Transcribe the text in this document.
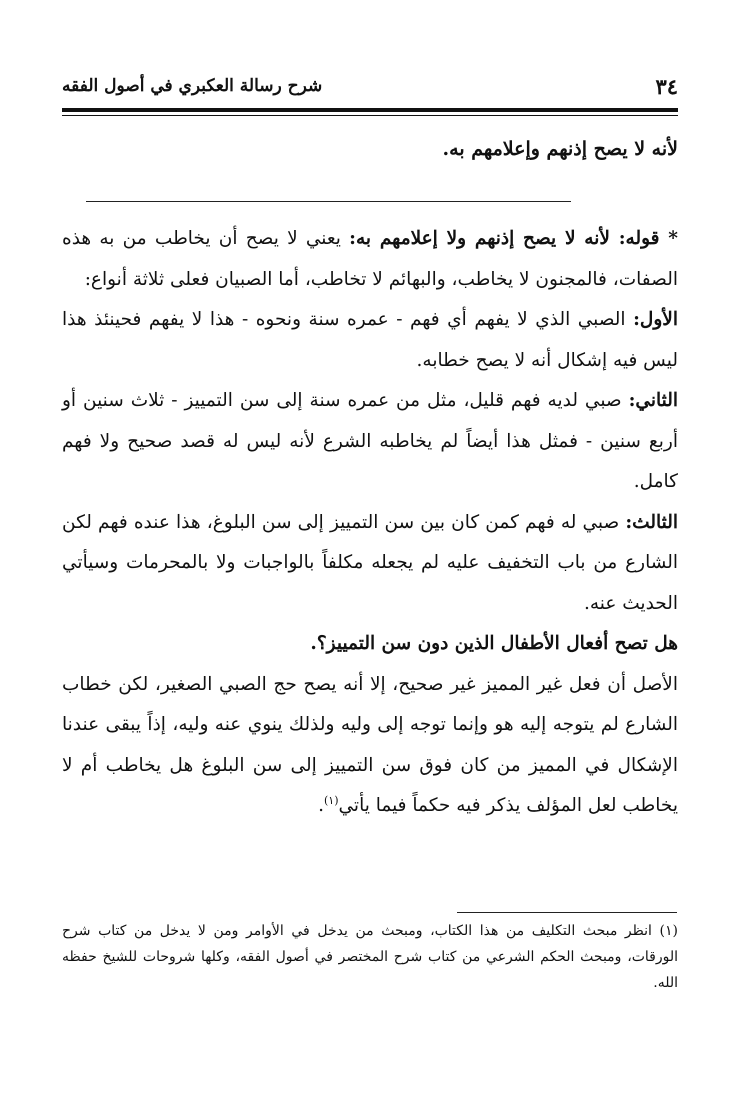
٣٤
شرح رسالة العكبري في أصول الفقه
لأنه لا يصح إذنهم وإعلامهم به.

* قوله: لأنه لا يصح إذنهم ولا إعلامهم به: يعني لا يصح أن يخاطب من به هذه الصفات، فالمجنون لا يخاطب، والبهائم لا تخاطب، أما الصبيان فعلى ثلاثة أنواع:

الأول: الصبي الذي لا يفهم أي فهم - عمره سنة ونحوه - هذا لا يفهم فحينئذ هذا ليس فيه إشكال أنه لا يصح خطابه.

الثاني: صبي لديه فهم قليل، مثل من عمره سنة إلى سن التمييز - ثلاث سنين أو أربع سنين - فمثل هذا أيضاً لم يخاطبه الشرع لأنه ليس له قصد صحيح ولا فهم كامل.

الثالث: صبي له فهم كمن كان بين سن التمييز إلى سن البلوغ، هذا عنده فهم لكن الشارع من باب التخفيف عليه لم يجعله مكلفاً بالواجبات ولا بالمحرمات وسيأتي الحديث عنه.

هل تصح أفعال الأطفال الذين دون سن التمييز؟.

الأصل أن فعل غير المميز غير صحيح، إلا أنه يصح حج الصبي الصغير، لكن خطاب الشارع لم يتوجه إليه هو وإنما توجه إلى وليه ولذلك ينوي عنه وليه، إذاً يبقى عندنا الإشكال في المميز من كان فوق سن التمييز إلى سن البلوغ هل يخاطب أم لا يخاطب لعل المؤلف يذكر فيه حكماً فيما يأتي$^{(١)}$.

(١) انظر مبحث التكليف من هذا الكتاب، ومبحث من يدخل في الأوامر ومن لا يدخل من كتاب شرح الورقات، ومبحث الحكم الشرعي من كتاب شرح المختصر في أصول الفقه، وكلها شروحات للشيخ حفظه الله.
